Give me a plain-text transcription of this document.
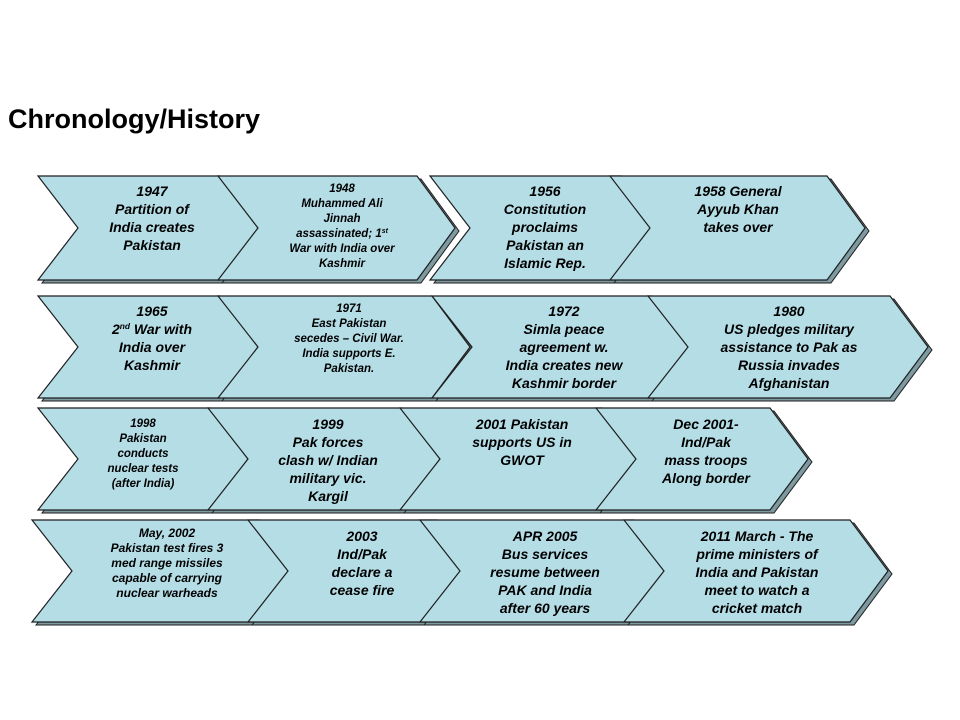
Chronology/History
1947
Partition of
India creates
Pakistan
1948
Muhammed Ali
Jinnah
assassinated; 1st
War with India over
Kashmir
1956
Constitution
proclaims
Pakistan an
Islamic Rep.
1958 General
Ayyub Khan
takes over
1965
2nd War with
India over
Kashmir
1971
East Pakistan
secedes – Civil War.
India supports E.
Pakistan.
1972
Simla peace
agreement w.
India creates new
Kashmir border
1980
US pledges military
assistance to Pak as
Russia invades
Afghanistan
1998
Pakistan
conducts
nuclear tests
(after India)
1999
Pak forces
clash w/ Indian
military vic.
Kargil
2001 Pakistan
supports US in
GWOT
Dec 2001-
Ind/Pak
mass troops
Along border
May, 2002
Pakistan test fires 3
med range missiles
capable of carrying
nuclear warheads
2003
Ind/Pak
declare a
cease fire
APR 2005
Bus services
resume between
PAK and India
after 60 years
2011 March - The
prime ministers of
India and Pakistan
meet to watch a
cricket match
